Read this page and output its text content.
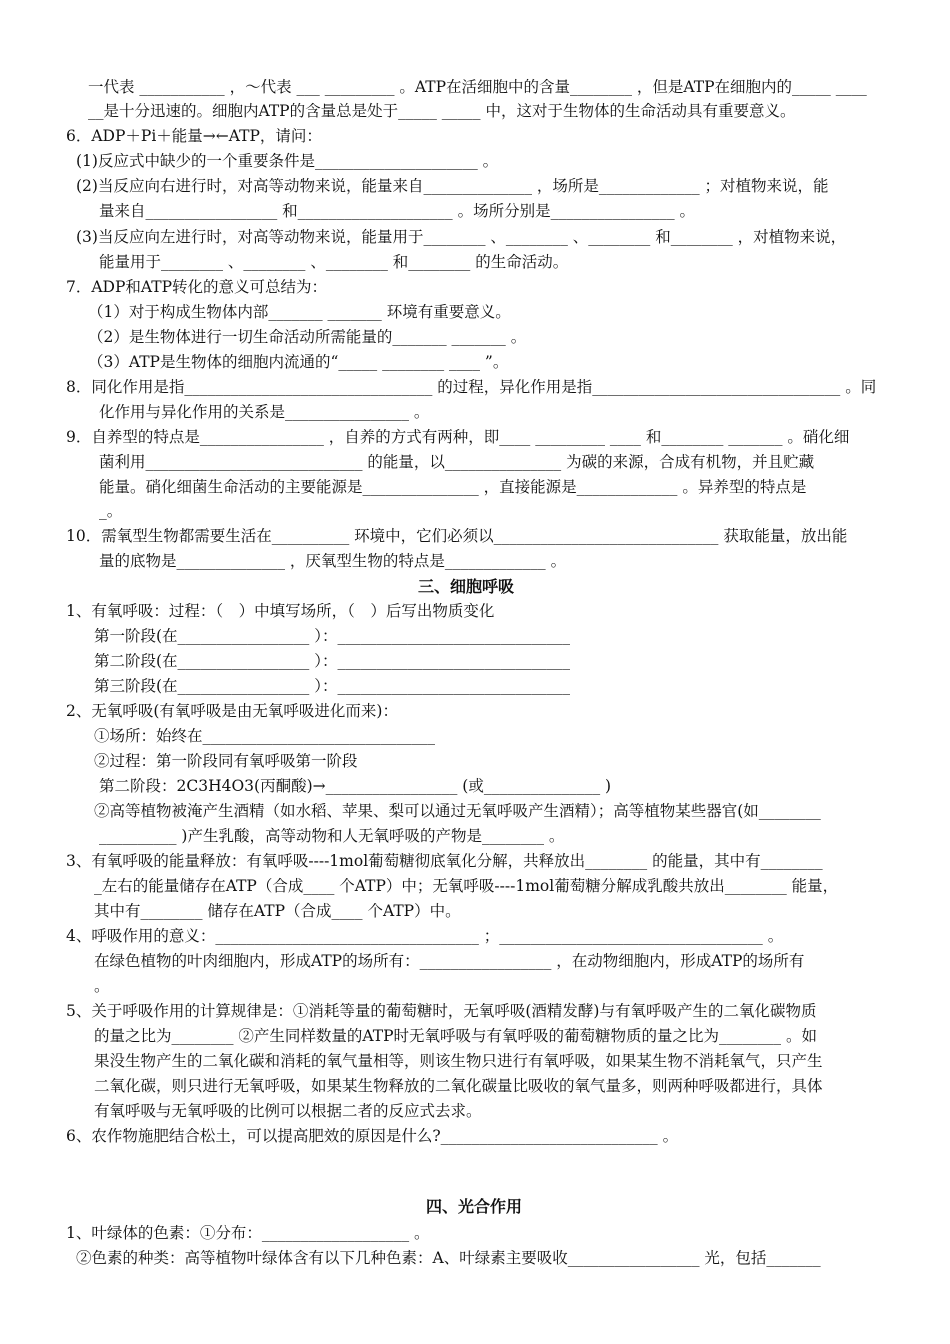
一代表 ___________ ，～代表 ___ _________ 。ATP在活细胞中的含量________ ，但是ATP在细胞内的_____ ____
__是十分迅速的。细胞内ATP的含量总是处于_____ _____ 中，这对于生物体的生命活动具有重要意义。
6．ADP＋Pi＋能量→←ATP，请问：
(1)反应式中缺少的一个重要条件是_____________________ 。
(2)当反应向右进行时，对高等动物来说，能量来自______________ ，场所是_____________ ；对植物来说，能
量来自_________________ 和____________________ 。场所分别是________________ 。
(3)当反应向左进行时，对高等动物来说，能量用于________ 、________ 、________ 和________ ，对植物来说，
能量用于________ 、________ 、________ 和________ 的生命活动。
7．ADP和ATP转化的意义可总结为：
（1）对于构成生物体内部_______ _______ 环境有重要意义。
（2）是生物体进行一切生命活动所需能量的_______ _______ 。
（3）ATP是生物体的细胞内流通的“_____ ________ ____ ”。
8．同化作用是指________________________________ 的过程，异化作用是指________________________________ 。同
化作用与异化作用的关系是________________ 。
9．自养型的特点是________________ ，自养的方式有两种，即____ _________ ____ 和________ _______ 。硝化细
菌利用____________________________ 的能量，以_______________ 为碳的来源，合成有机物，并且贮藏
能量。硝化细菌生命活动的主要能源是_______________ ，直接能源是_____________ 。异养型的特点是
_。
10．需氧型生物都需要生活在__________ 环境中，它们必须以_____________________________ 获取能量，放出能
量的底物是______________ ，厌氧型生物的特点是_____________ 。
三、细胞呼吸
1、有氧呼吸：过程：（　）中填写场所，（　）后写出物质变化
第一阶段(在_________________ ）：______________________________
第二阶段(在_________________ ）：______________________________
第三阶段(在_________________ ）：______________________________
2、无氧呼吸(有氧呼吸是由无氧呼吸进化而来)：
①场所：始终在______________________________
②过程：第一阶段同有氧呼吸第一阶段
第二阶段：2C3H4O3(丙酮酸)→_________________ (或_______________ )
②高等植物被淹产生酒精（如水稻、苹果、梨可以通过无氧呼吸产生酒精）；高等植物某些器官(如________
__________ )产生乳酸，高等动物和人无氧呼吸的产物是________ 。
3、有氧呼吸的能量释放：有氧呼吸----1mol葡萄糖彻底氧化分解，共释放出________ 的能量，其中有________
_左右的能量储存在ATP（合成____ 个ATP）中；无氧呼吸----1mol葡萄糖分解成乳酸共放出________ 能量，
其中有________ 储存在ATP（合成____ 个ATP）中。
4、呼吸作用的意义：__________________________________ ；__________________________________ 。
在绿色植物的叶肉细胞内，形成ATP的场所有：_________________ ，在动物细胞内，形成ATP的场所有
。
5、关于呼吸作用的计算规律是：①消耗等量的葡萄糖时，无氧呼吸(酒精发酵)与有氧呼吸产生的二氧化碳物质
的量之比为________ ②产生同样数量的ATP时无氧呼吸与有氧呼吸的葡萄糖物质的量之比为________ 。如
果没生物产生的二氧化碳和消耗的氧气量相等，则该生物只进行有氧呼吸，如果某生物不消耗氧气，只产生
二氧化碳，则只进行无氧呼吸，如果某生物释放的二氧化碳量比吸收的氧气量多，则两种呼吸都进行，具体
有氧呼吸与无氧呼吸的比例可以根据二者的反应式去求。
6、农作物施肥结合松土，可以提高肥效的原因是什么?____________________________ 。
四、光合作用
1、叶绿体的色素：①分布：___________________ 。
②色素的种类：高等植物叶绿体含有以下几种色素：A、叶绿素主要吸收_________________ 光，包括_______
